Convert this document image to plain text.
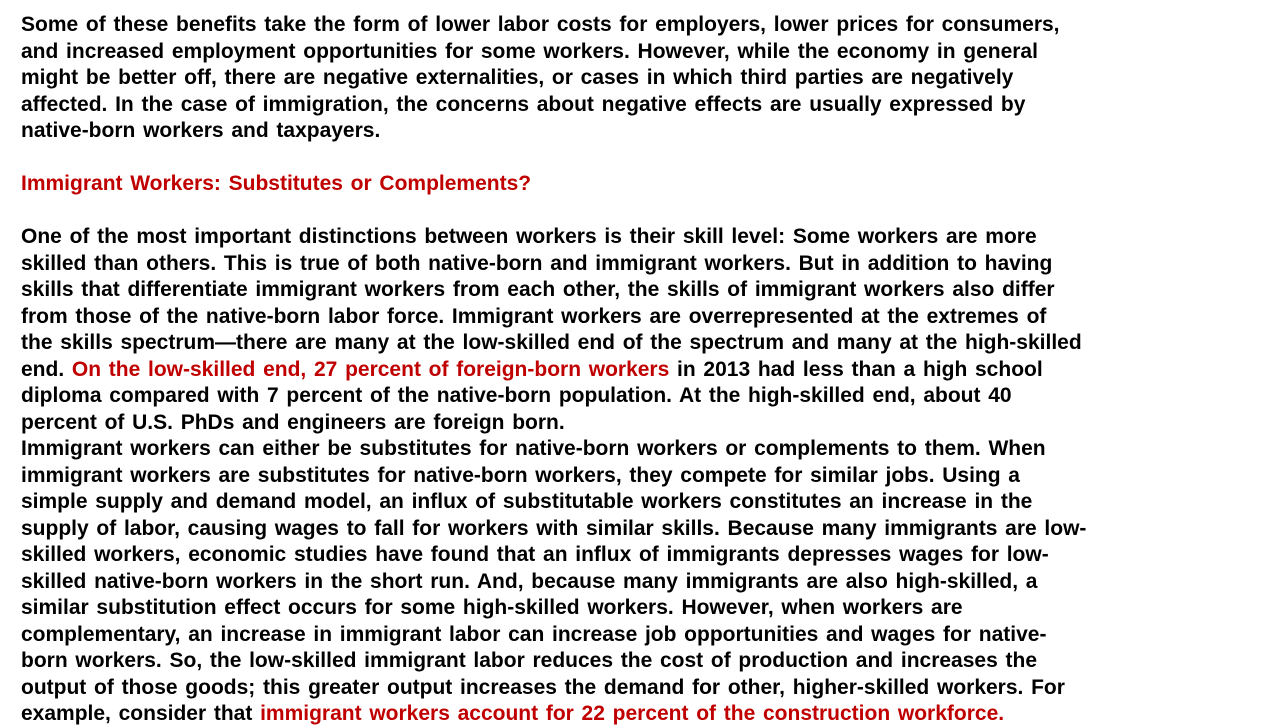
Some of these benefits take the form of lower labor costs for employers, lower prices for consumers,
and increased employment opportunities for some workers. However, while the economy in general
might be better off, there are negative externalities, or cases in which third parties are negatively
affected. In the case of immigration, the concerns about negative effects are usually expressed by
native-born workers and taxpayers.
Immigrant Workers: Substitutes or Complements?
One of the most important distinctions between workers is their skill level: Some workers are more
skilled than others. This is true of both native-born and immigrant workers. But in addition to having
skills that differentiate immigrant workers from each other, the skills of immigrant workers also differ
from those of the native-born labor force. Immigrant workers are overrepresented at the extremes of
the skills spectrum—there are many at the low-skilled end of the spectrum and many at the high-skilled
end. On the low-skilled end, 27 percent of foreign-born workers in 2013 had less than a high school
diploma compared with 7 percent of the native-born population. At the high-skilled end, about 40
percent of U.S. PhDs and engineers are foreign born.
Immigrant workers can either be substitutes for native-born workers or complements to them. When
immigrant workers are substitutes for native-born workers, they compete for similar jobs. Using a
simple supply and demand model, an influx of substitutable workers constitutes an increase in the
supply of labor, causing wages to fall for workers with similar skills. Because many immigrants are low-
skilled workers, economic studies have found that an influx of immigrants depresses wages for low-
skilled native-born workers in the short run. And, because many immigrants are also high-skilled, a
similar substitution effect occurs for some high-skilled workers. However, when workers are
complementary, an increase in immigrant labor can increase job opportunities and wages for native-
born workers. So, the low-skilled immigrant labor reduces the cost of production and increases the
output of those goods; this greater output increases the demand for other, higher-skilled workers. For
example, consider that immigrant workers account for 22 percent of the construction workforce.
